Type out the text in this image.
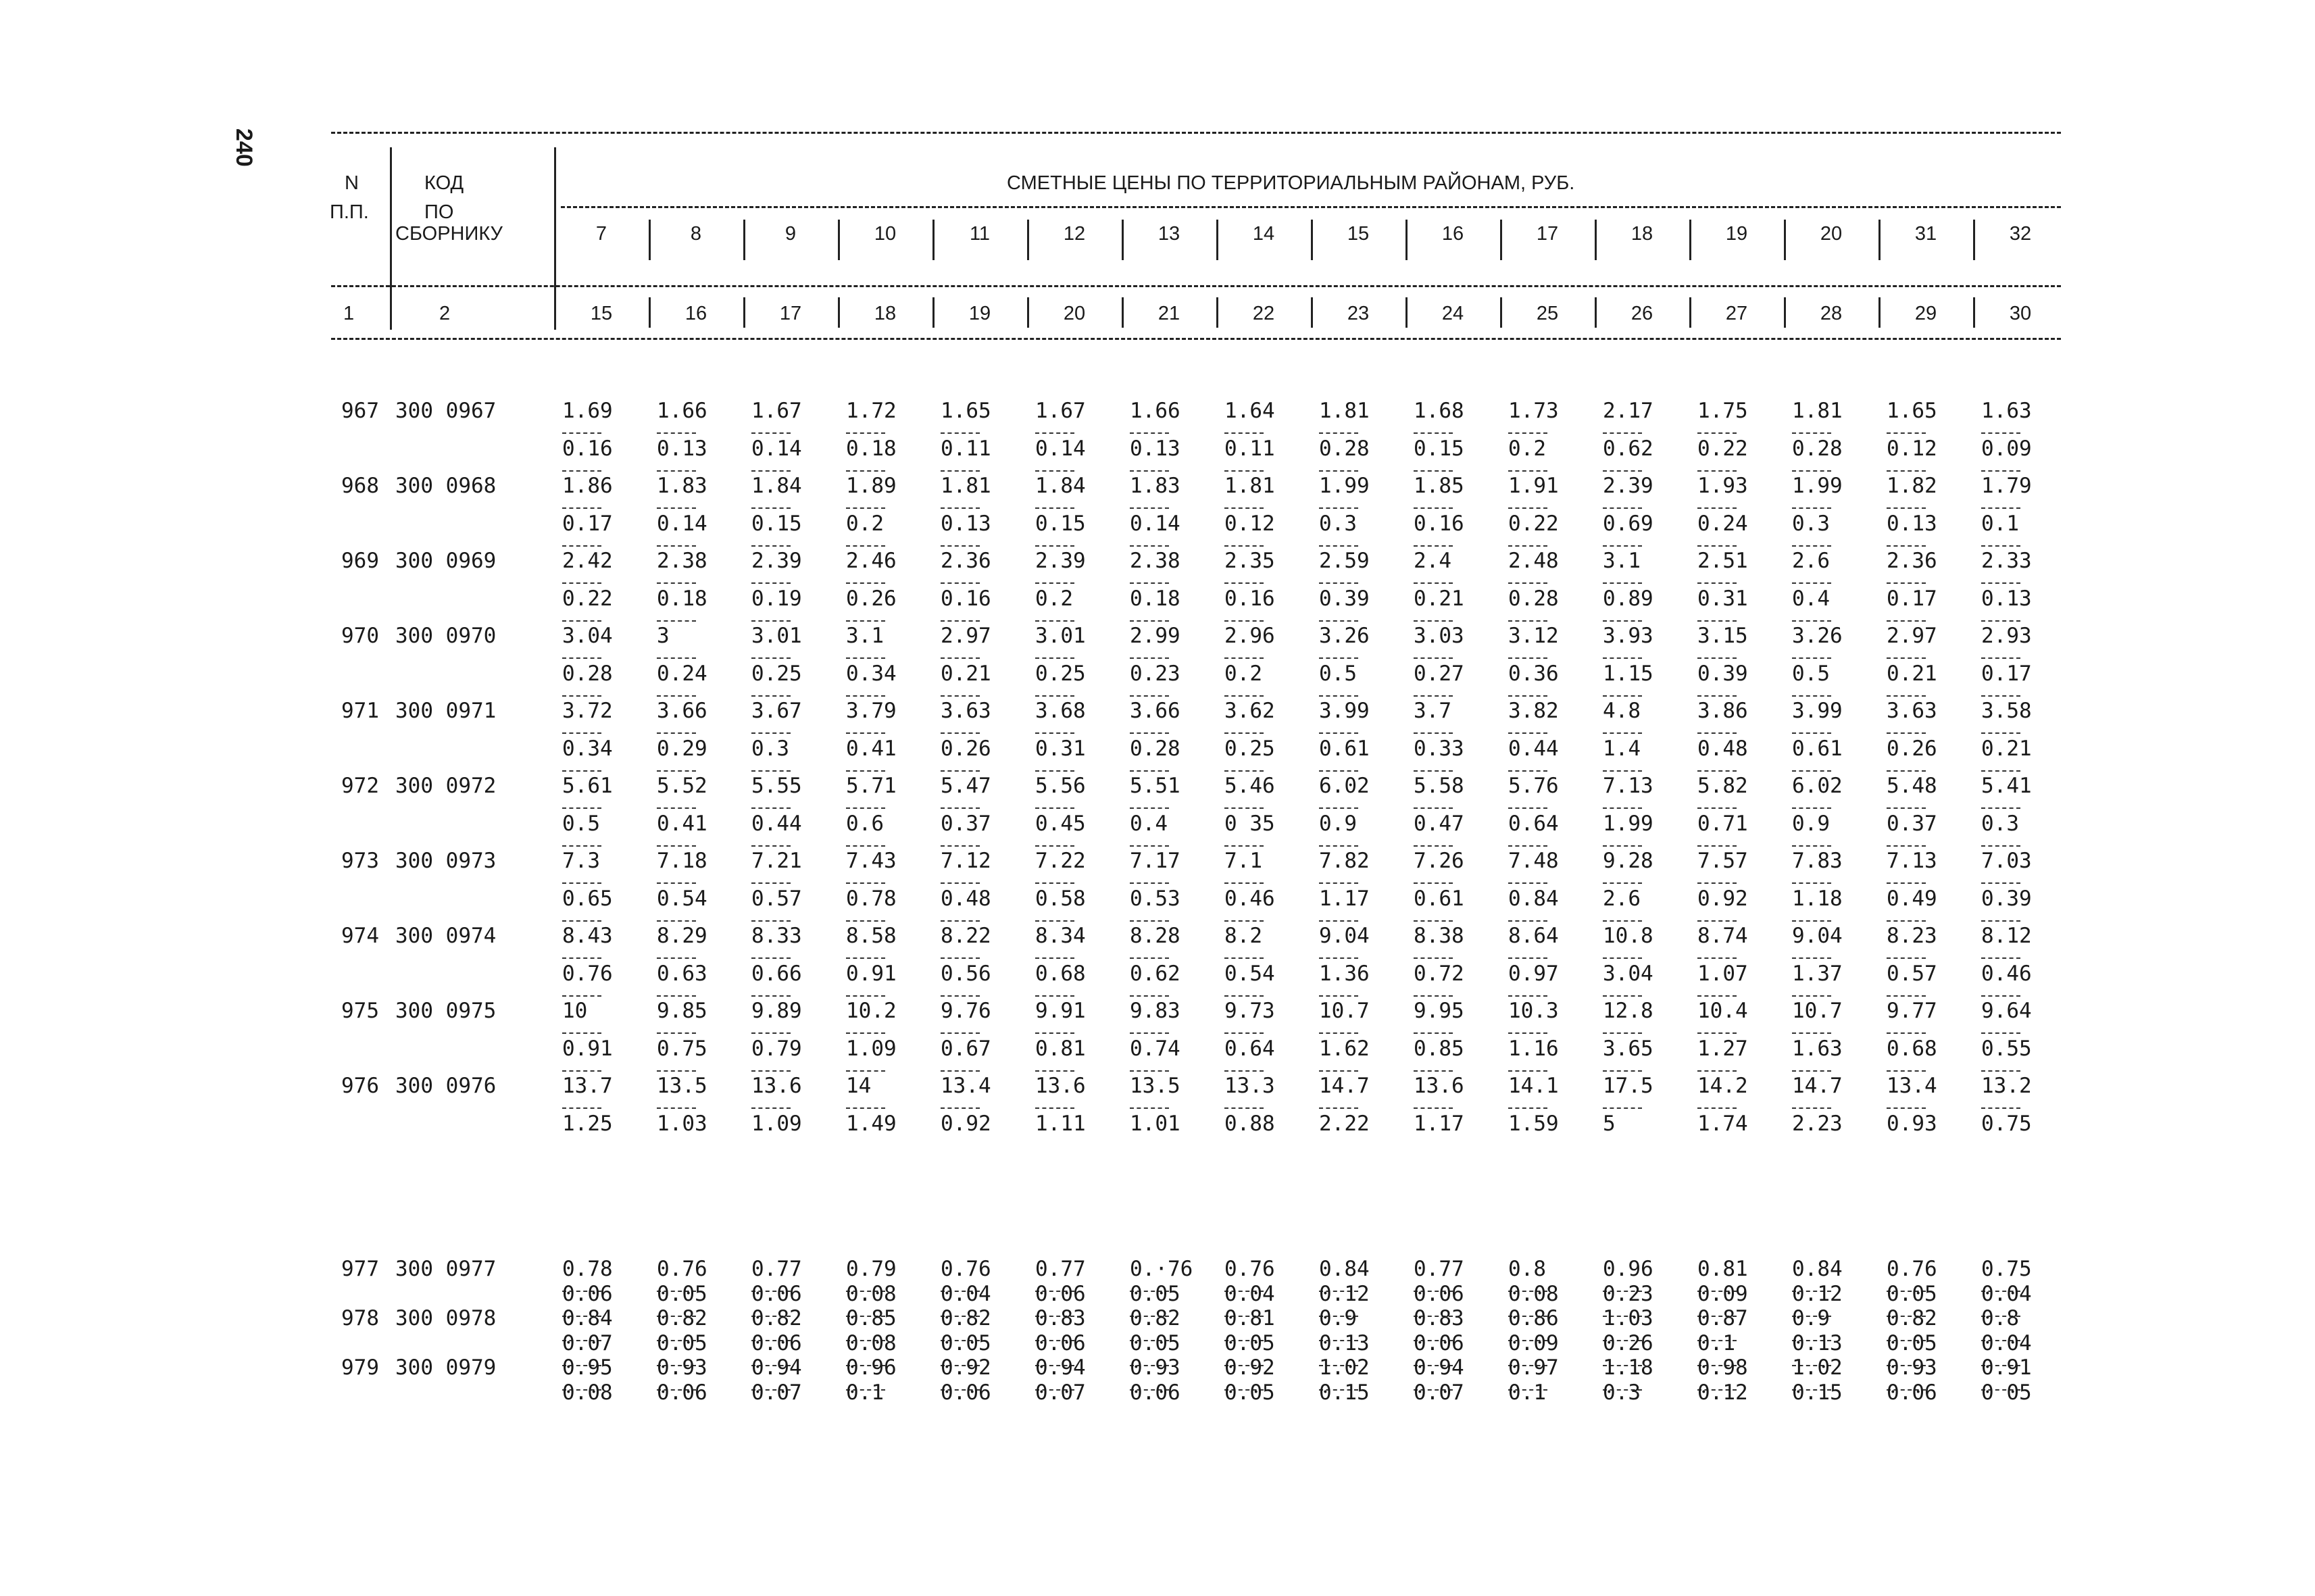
240
N
П.П.
КОД
ПО
СБОРНИКУ
СМЕТНЫЕ ЦЕНЫ ПО ТЕРРИТОРИАЛЬНЫМ РАЙОНАМ, РУБ.
7	8	9	10	11	12	13	14	15	16	17	18	19	20	31	32
1	2	15	16	17	18	19	20	21	22	23	24	25	26	27	28	29	30
967 300 0967	1.69 1.66 1.67 1.72 1.65 1.67 1.66 1.64 1.81 1.68 1.73 2.17 1.75 1.81 1.65 1.63
0.16 0.13 0.14 0.18 0.11 0.14 0.13 0.11 0.28 0.15 0.2	0.62 0.22 0.28 0.12 0.09
968 300 0968	1.86 1.83 1.84 1.89 1.81 1.84 1.83 1.81 1.99 1.85 1.91 2.39 1.93 1.99 1.82 1.79
0.17 0.14 0.15 0.2	0.13 0.15 0.14 0.12 0.3	0.16 0.22 0.69 0.24 0.3	0.13 0.1
969 300 0969	2.42 2.38 2.39 2.46 2.36 2.39 2.38 2.35 2.59 2.4	2.48 3.1	2.51 2.6	2.36 2.33
0.22 0.18 0.19 0.26 0.16 0.2	0.18 0.16 0.39 0.21 0.28 0.89 0.31 0.4	0.17 0.13
970 300 0970	3.04 3	3.01 3.1	2.97 3.01 2.99 2.96 3.26 3.03 3.12 3.93 3.15 3.26 2.97 2.93
0.28 0.24 0.25 0.34 0.21 0.25 0.23 0.2	0.5	0.27 0.36 1.15 0.39 0.5	0.21 0.17
971 300 0971	3.72 3.66 3.67 3.79 3.63 3.68 3.66 3.62 3.99 3.7	3.82 4.8	3.86 3.99 3.63 3.58
0.34 0.29 0.3	0.41 0.26 0.31 0.28 0.25 0.61 0.33 0.44 1.4	0.48 0.61 0.26 0.21
972 300 0972	5.61 5.52 5.55 5.71 5.47 5.56 5.51 5.46 6.02 5.58 5.76 7.13 5.82 6.02 5.48 5.41
0.5	0.41 0.44 0.6	0.37 0.45 0.4	0 35 0.9	0.47 0.64 1.99 0.71 0.9	0.37 0.3
973 300 0973	7.3	7.18 7.21 7.43 7.12 7.22 7.17 7.1	7.82 7.26 7.48 9.28 7.57 7.83 7.13 7.03
0.65 0.54 0.57 0.78 0.48 0.58 0.53 0.46 1.17 0.61 0.84 2.6	0.92 1.18 0.49 0.39
974 300 0974	8.43 8.29 8.33 8.58 8.22 8.34 8.28 8.2	9.04 8.38 8.64 10.8 8.74 9.04 8.23 8.12
0.76 0.63 0.66 0.91 0.56 0.68 0.62 0.54 1.36 0.72 0.97 3.04 1.07 1.37 0.57 0.46
975 300 0975	10	9.85 9.89 10.2 9.76 9.91 9.83 9.73 10.7 9.95 10.3 12.8 10.4 10.7 9.77 9.64
0.91 0.75 0.79 1.09 0.67 0.81 0.74 0.64 1.62 0.85 1.16 3.65 1.27 1.63 0.68 0.55
976 300 0976	13.7 13.5 13.6 14	13.4 13.6 13.5 13.3 14.7 13.6 14.1 17.5 14.2 14.7 13.4 13.2
1.25 1.03 1.09 1.49 0.92 1.11 1.01 0.88 2.22 1.17 1.59 5	1.74 2.23 0.93 0.75
977 300 0977	0.78 0.76 0.77 0.79 0.76 0.77 0.·76 0.76 0.84 0.77 0.8	0.96 0.81 0.84 0.76 0.75
0.06 0.05 0.06 0.08 0.04 0.06 0.05 0.04 0.12 0.06 0.08 0.23 0.09 0.12 0.05 0.04
978 300 0978	0.84 0.82 0.82 0.85 0.82 0.83 0.82 0.81 0.9	0.83 0.86 1.03 0.87 0.9	0.82 0.8
0.07 0.05 0.06 0.08 0.05 0.06 0.05 0.05 0.13 0.06 0.09 0.26 0.1	0.13 0.05 0.04
979 300 0979	0.95 0.93 0.94 0.96 0.92 0.94 0.93 0.92 1.02 0.94 0.97 1.18 0.98 1.02 0.93 0.91
0.08 0.06 0.07 0.1	0.06 0.07 0.06 0.05 0.15 0.07 0.1	0.3	0.12 0.15 0.06 0 05
